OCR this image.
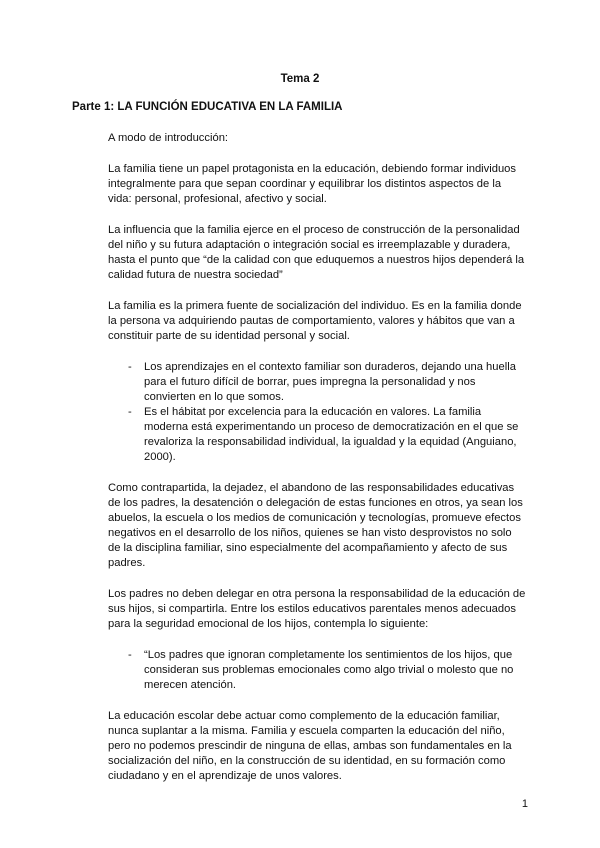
Tema 2
Parte 1: LA FUNCIÓN EDUCATIVA EN LA FAMILIA

A modo de introducción:

La familia tiene un papel protagonista en la educación, debiendo formar individuos integralmente para que sepan coordinar y equilibrar los distintos aspectos de la vida: personal, profesional, afectivo y social.

La influencia que la familia ejerce en el proceso de construcción de la personalidad del niño y su futura adaptación o integración social es irreemplazable y duradera, hasta el punto que “de la calidad con que eduquemos a nuestros hijos dependerá la calidad futura de nuestra sociedad”

La familia es la primera fuente de socialización del individuo. Es en la familia donde la persona va adquiriendo pautas de comportamiento, valores y hábitos que van a constituir parte de su identidad personal y social.

- Los aprendizajes en el contexto familiar son duraderos, dejando una huella para el futuro difícil de borrar, pues impregna la personalidad y nos convierten en lo que somos.
- Es el hábitat por excelencia para la educación en valores. La familia moderna está experimentando un proceso de democratización en el que se revaloriza la responsabilidad individual, la igualdad y la equidad (Anguiano, 2000).

Como contrapartida, la dejadez, el abandono de las responsabilidades educativas de los padres, la desatención o delegación de estas funciones en otros, ya sean los abuelos, la escuela o los medios de comunicación y tecnologías, promueve efectos negativos en el desarrollo de los niños, quienes se han visto desprovistos no solo de la disciplina familiar, sino especialmente del acompañamiento y afecto de sus padres.

Los padres no deben delegar en otra persona la responsabilidad de la educación de sus hijos, si compartirla. Entre los estilos educativos parentales menos adecuados para la seguridad emocional de los hijos, contempla lo siguiente:

- “Los padres que ignoran completamente los sentimientos de los hijos, que consideran sus problemas emocionales como algo trivial o molesto que no merecen atención.

La educación escolar debe actuar como complemento de la educación familiar, nunca suplantar a la misma. Familia y escuela comparten la educación del niño, pero no podemos prescindir de ninguna de ellas, ambas son fundamentales en la socialización del niño, en la construcción de su identidad, en su formación como ciudadano y en el aprendizaje de unos valores.

1
